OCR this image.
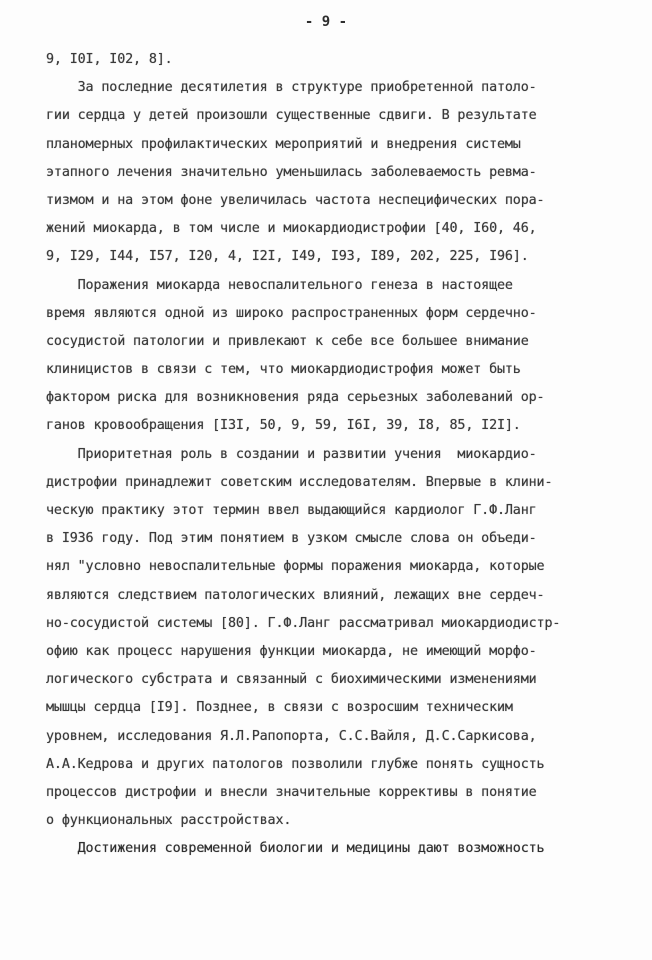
- 9 -
9, I0I, I02, 8].
За последние десятилетия в структуре приобретенной патоло-
гии сердца у детей произошли существенные сдвиги. В результате
планомерных профилактических мероприятий и внедрения системы
этапного лечения значительно уменьшилась заболеваемость ревма-
тизмом и на этом фоне увеличилась частота неспецифических пора-
жений миокарда, в том числе и миокардиодистрофии [40, I60, 46,
9, I29, I44, I57, I20, 4, I2I, I49, I93, I89, 202, 225, I96].
Поражения миокарда невоспалительного генеза в настоящее
время являются одной из широко распространенных форм сердечно-
сосудистой патологии и привлекают к себе все большее внимание
клиницистов в связи с тем, что миокардиодистрофия может быть
фактором риска для возникновения ряда серьезных заболеваний ор-
ганов кровообращения [I3I, 50, 9, 59, I6I, 39, I8, 85, I2I].
Приоритетная роль в создании и развитии учения  миокардио-
дистрофии принадлежит советским исследователям. Впервые в клини-
ческую практику этот термин ввел выдающийся кардиолог Г.Ф.Ланг
в I936 году. Под этим понятием в узком смысле слова он объеди-
нял "условно невоспалительные формы поражения миокарда, которые
являются следствием патологических влияний, лежащих вне сердеч-
но-сосудистой системы [80]. Г.Ф.Ланг рассматривал миокардиодистр-
офию как процесс нарушения функции миокарда, не имеющий морфо-
логического субстрата и связанный с биохимическими изменениями
мышцы сердца [I9]. Позднее, в связи с возросшим техническим
уровнем, исследования Я.Л.Рапопорта, С.С.Вайля, Д.С.Саркисова,
А.А.Кедрова и других патологов позволили глубже понять сущность
процессов дистрофии и внесли значительные коррективы в понятие
о функциональных расстройствах.
Достижения современной биологии и медицины дают возможность
